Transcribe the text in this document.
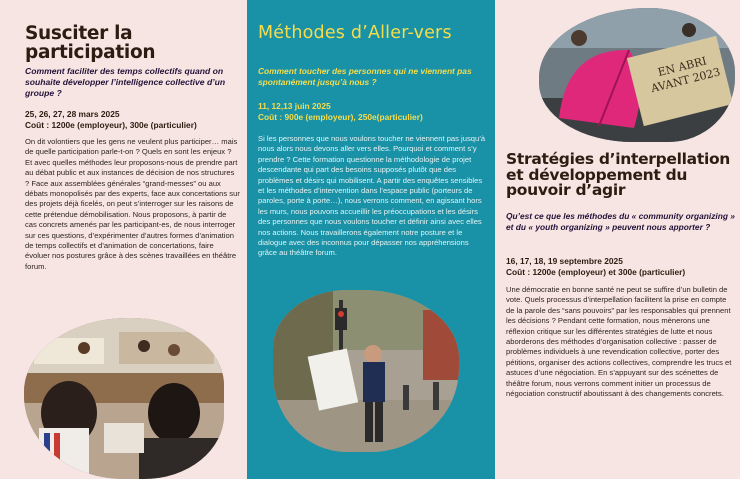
Susciter la participation

Comment faciliter des temps collectifs quand on souhaite développer l’intelligence collective d’un groupe ?

25, 26, 27, 28 mars 2025
Coût : 1200e (employeur), 300e (particulier)

On dit volontiers que les gens ne veulent plus participer… mais de quelle participation parle-t-on ? Quels en sont les enjeux ? Et avec quelles méthodes leur proposons-nous de prendre part au débat public et aux instances de décision de nos structures ? Face aux assemblées générales “grand-messes” ou aux débats monopolisés par des experts, face aux concertations sur des projets déjà ficelés, on peut s’interroger sur les raisons de cette prétendue démobilisation. Nous proposons, à partir de cas concrets amenés par les participant-es, de nous interroger sur ces questions, d’expérimenter d’autres formes d’animation de temps collectifs et d’animation de concertations, faire évoluer nos postures grâce à des scènes travaillées en théâtre forum.

Méthodes d’Aller-vers

Comment toucher des personnes qui ne viennent pas spontanément jusqu’à nous ?

11, 12,13 juin 2025
Coût : 900e (employeur), 250e(particulier)

Si les personnes que nous voulons toucher ne viennent pas jusqu’à nous alors nous devons aller vers elles. Pourquoi et comment s’y prendre ? Cette formation questionne la méthodologie de projet descendante qui part des besoins supposés plutôt que des problèmes et désirs qui mobilisent. A partir des enquêtes sensibles et les méthodes d’intervention dans l’espace public (porteurs de paroles, porte à porte…), nous verrons comment, en agissant hors les murs, nous pouvons accueillir les préoccupations et les désirs des personnes que nous voulons toucher et définir ainsi avec elles nos actions. Nous travaillerons également notre posture et le dialogue avec des inconnus pour dépasser nos appréhensions grâce au théâtre forum.

EN ABRI AVANT 2023
Stratégies d’interpellation et développement du pouvoir d’agir

Qu’est ce que les méthodes du « community organizing » et du « youth organizing » peuvent nous apporter ?

16, 17, 18, 19 septembre 2025
Coût : 1200e (employeur) et 300e (particulier)

Une démocratie en bonne santé ne peut se suffire d’un bulletin de vote. Quels processus d’interpellation facilitent la prise en compte de la parole des “sans pouvoirs” par les responsables qui prennent les décisions ? Pendant cette formation, nous mènerons une réflexion critique sur les différentes stratégies de lutte et nous aborderons des méthodes d’organisation collective : passer de problèmes individuels à une revendication collective, porter des pétitions, organiser des actions collectives, comprendre les trucs et astuces d’une négociation. En s’appuyant sur des scénettes de théâtre forum, nous verrons comment initier un processus de négociation constructif aboutissant à des changements concrets.
